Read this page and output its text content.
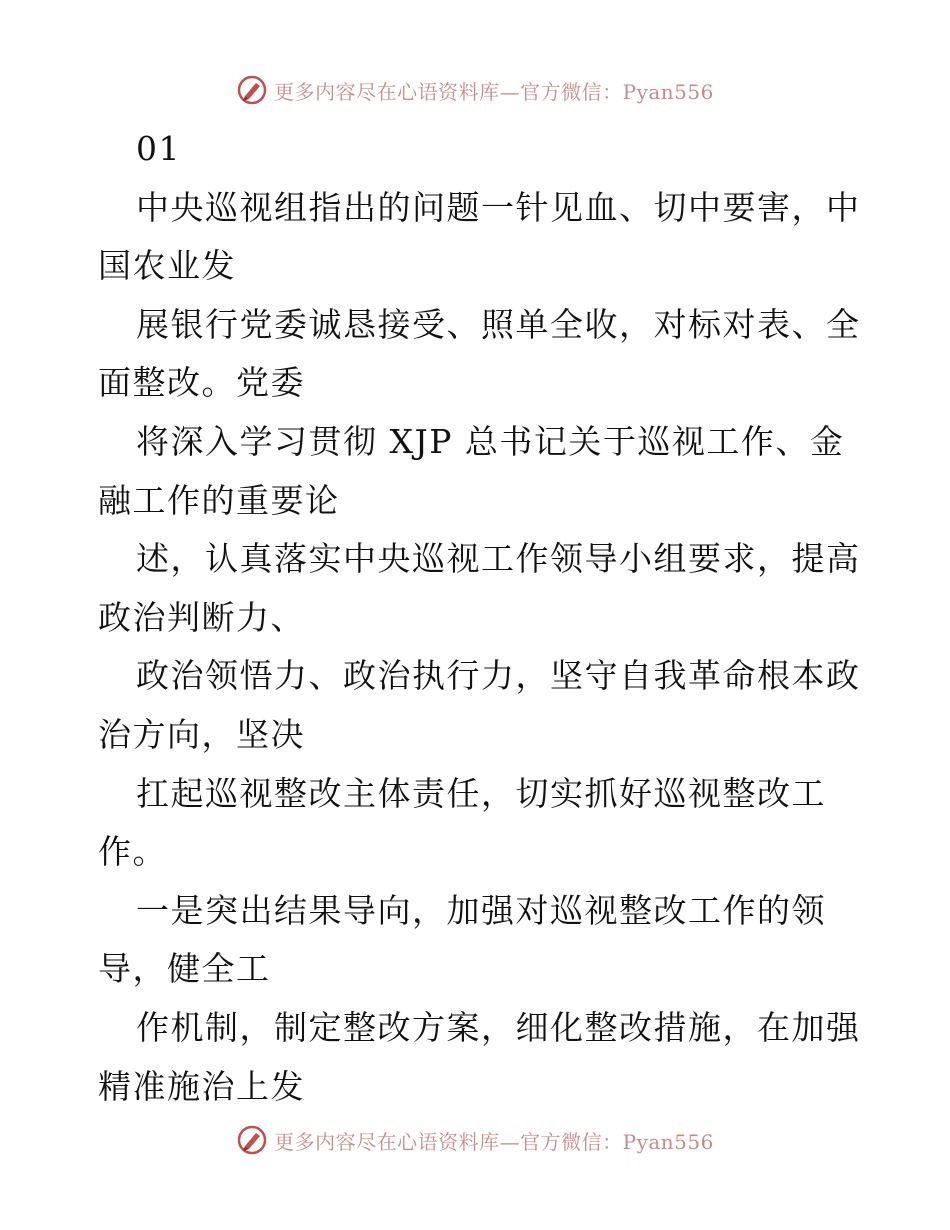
更多内容尽在心语资料库—官方微信：Pyan556
01
中央巡视组指出的问题一针见血、切中要害，中
国农业发
展银行党委诚恳接受、照单全收，对标对表、全
面整改。党委
将深入学习贯彻 XJP 总书记关于巡视工作、金
融工作的重要论
述，认真落实中央巡视工作领导小组要求，提高
政治判断力、
政治领悟力、政治执行力，坚守自我革命根本政
治方向，坚决
扛起巡视整改主体责任，切实抓好巡视整改工
作。
一是突出结果导向，加强对巡视整改工作的领
导，健全工
作机制，制定整改方案，细化整改措施，在加强
精准施治上发
更多内容尽在心语资料库—官方微信：Pyan556
